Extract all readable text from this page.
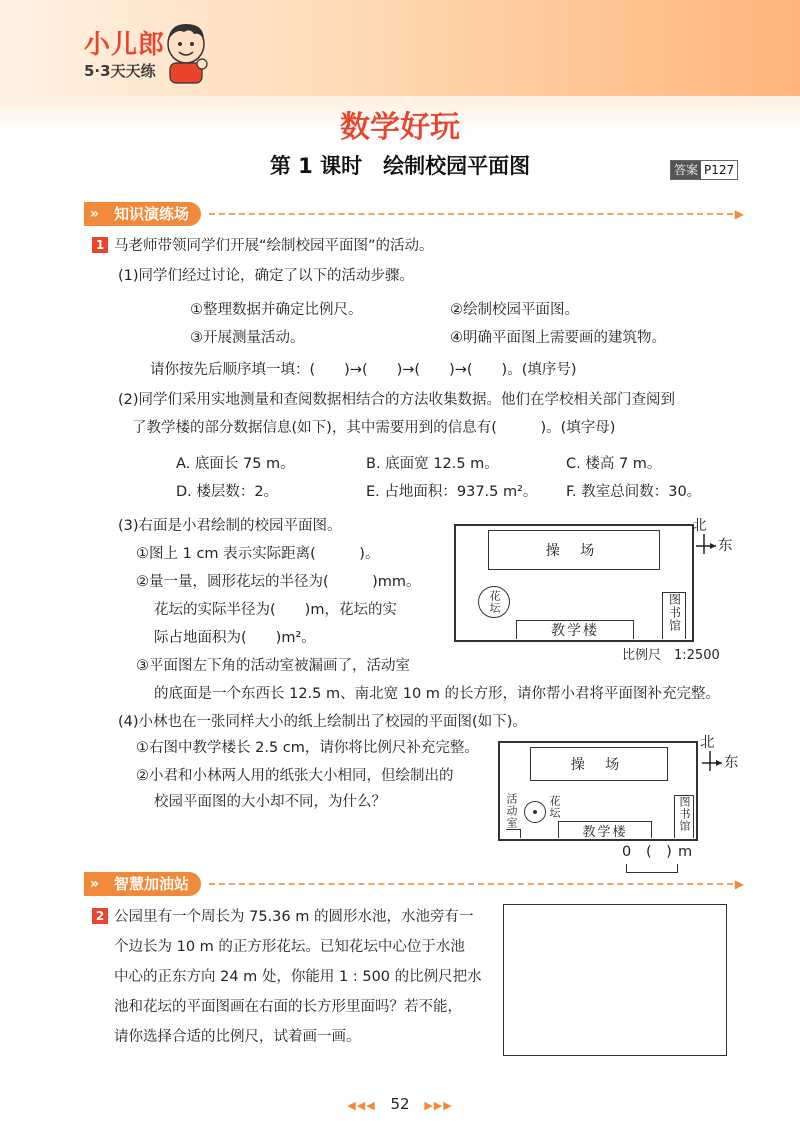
小儿郎
5·3天天练
数学好玩
第 1 课时　绘制校园平面图	答案 P127
» 知识演练场	▶
1 马老师带领同学们开展“绘制校园平面图”的活动。
(1)同学们经过讨论，确定了以下的活动步骤。
①整理数据并确定比例尺。	②绘制校园平面图。
③开展测量活动。	④明确平面图上需要画的建筑物。
请你按先后顺序填一填：(　　)→(　　)→(　　)→(　　)。(填序号)
(2)同学们采用实地测量和查阅数据相结合的方法收集数据。他们在学校相关部门查阅到
了教学楼的部分数据信息(如下)，其中需要用到的信息有(　　　)。(填字母)
A. 底面长 75 m。	B. 底面宽 12.5 m。	C. 楼高 7 m。
D. 楼层数：2。	E. 占地面积：937.5 m²。 F. 教室总间数：30。
(3)右面是小君绘制的校园平面图。
①图上 1 cm 表示实际距离(　　　)。
②量一量，圆形花坛的半径为(　　　)mm。
花坛的实际半径为(　　)m，花坛的实
际占地面积为(　　)m²。
③平面图左下角的活动室被漏画了，活动室
的底面是一个东西长 12.5 m、南北宽 10 m 的长方形，请你帮小君将平面图补充完整。
操 场
花坛
教学楼	图书馆
北
东
比例尺　1:2500
(4)小林也在一张同样大小的纸上绘制出了校园的平面图(如下)。
①右图中教学楼长 2.5 cm，请你将比例尺补充完整。
②小君和小林两人用的纸张大小相同，但绘制出的
校园平面图的大小却不同，为什么？
操 场
活动室	花坛
教学楼	图书馆
北
东
0 (　) m
» 智慧加油站	▶
2 公园里有一个周长为 75.36 m 的圆形水池，水池旁有一
个边长为 10 m 的正方形花坛。已知花坛中心位于水池
中心的正东方向 24 m 处，你能用 1 : 500 的比例尺把水
池和花坛的平面图画在右面的长方形里面吗？若不能，
请你选择合适的比例尺，试着画一画。
◀◀◀ 52 ▶▶▶
